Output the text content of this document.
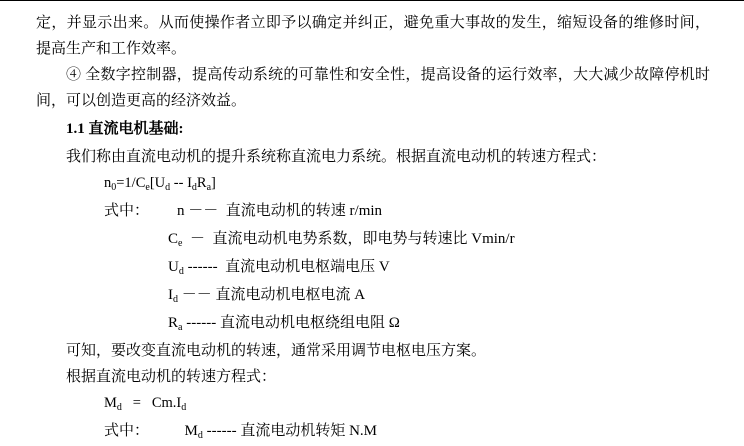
定，并显示出来。从而使操作者立即予以确定并纠正，避免重大事故的发生，缩短设备的维修时间，提高生产和工作效率。

④ 全数字控制器，提高传动系统的可靠性和安全性，提高设备的运行效率，大大减少故障停机时间，可以创造更高的经济效益。

1.1 直流电机基础:

我们称由直流电动机的提升系统称直流电力系统。根据直流电动机的转速方程式：

$n_0=1/C_e[U_d -- I_dR_a]$

式中： n －－ 直流电动机的转速 r/min

$C_e$ － 直流电动机电势系数，即电势与转速比 Vmin/r

$U_d$ ------ 直流电动机电枢端电压 V

$I_d$ －－ 直流电动机电枢电流 A

$R_a$ ------ 直流电动机电枢绕组电阻 Ω

可知，要改变直流电动机的转速，通常采用调节电枢电压方案。

根据直流电动机的转速方程式：

$M_d = Cm.I_d$

式中： $M_d$ ------ 直流电动机转矩 N.M
